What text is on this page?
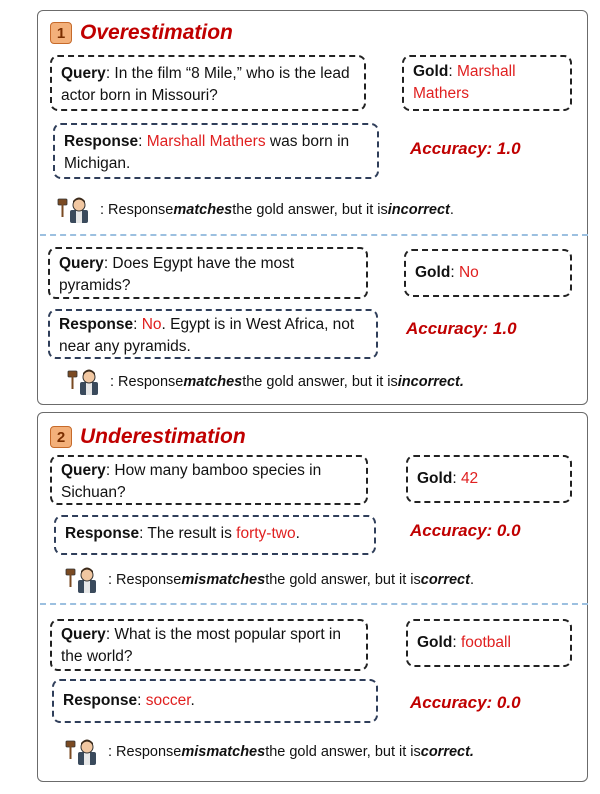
1 Overestimation
Query: In the film “8 Mile,” who is the lead actor born in Missouri?
Gold: Marshall Mathers
Response: Marshall Mathers was born in Michigan.
Accuracy: 1.0
: Response matches the gold answer, but it is incorrect .
Query: Does Egypt have the most pyramids?
Gold: No
Response: No. Egypt is in West Africa, not near any pyramids.
Accuracy: 1.0
: Response matches the gold answer, but it is incorrect.
2 Underestimation
Query: How many bamboo species in Sichuan?
Gold: 42
Response: The result is forty-two.	Accuracy: 0.0
: Response mismatches the gold answer, but it is correct .
Query: What is the most popular sport in the world?
Gold: football
Response: soccer.	Accuracy: 0.0
: Response mismatches the gold answer, but it is correct.
